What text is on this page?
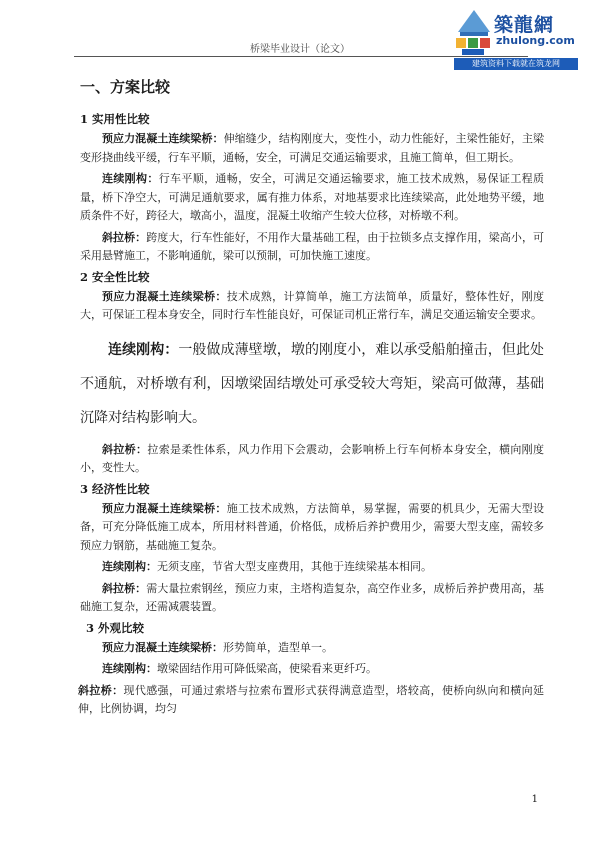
桥梁毕业设计（论文）
築龍網
zhulong.com
建筑资料下载就在筑龙网
一、方案比较
1 实用性比较

预应力混凝土连续梁桥：伸缩缝少，结构刚度大，变性小，动力性能好，主梁性能好，主梁变形挠曲线平缓，行车平顺，通畅，安全，可满足交通运输要求，且施工简单，但工期长。

连续刚构：行车平顺，通畅，安全，可满足交通运输要求，施工技术成熟，易保证工程质量，桥下净空大，可满足通航要求，属有推力体系，对地基要求比连续梁高，此处地势平缓，地质条件不好，跨径大，墩高小，温度，混凝土收缩产生较大位移，对桥墩不利。

斜拉桥：跨度大，行车性能好，不用作大量基础工程，由于拉锁多点支撑作用，梁高小，可采用悬臂施工，不影响通航，梁可以预制，可加快施工速度。

2 安全性比较

预应力混凝土连续梁桥：技术成熟，计算简单，施工方法简单，质量好，整体性好，刚度大，可保证工程本身安全，同时行车性能良好，可保证司机正常行车，满足交通运输安全要求。

连续刚构：一般做成薄壁墩，墩的刚度小，难以承受船舶撞击，但此处不通航，对桥墩有利，因墩梁固结墩处可承受较大弯矩，梁高可做薄，基础沉降对结构影响大。

斜拉桥：拉索是柔性体系，风力作用下会震动，会影响桥上行车何桥本身安全，横向刚度小，变性大。

3 经济性比较

预应力混凝土连续梁桥：施工技术成熟，方法简单，易掌握，需要的机具少，无需大型设备，可充分降低施工成本，所用材料普通，价格低，成桥后养护费用少，需要大型支座，需较多预应力钢筋，基础施工复杂。

连续刚构：无须支座，节省大型支座费用，其他于连续梁基本相同。

斜拉桥：需大量拉索钢丝，预应力束，主塔构造复杂，高空作业多，成桥后养护费用高，基础施工复杂，还需减震装置。

3 外观比较

预应力混凝土连续梁桥：形势简单，造型单一。

连续刚构：墩梁固结作用可降低梁高，使梁看来更纤巧。

斜拉桥：现代感强，可通过索塔与拉索布置形式获得满意造型，塔较高，使桥向纵向和横向延伸，比例协调，均匀

1
